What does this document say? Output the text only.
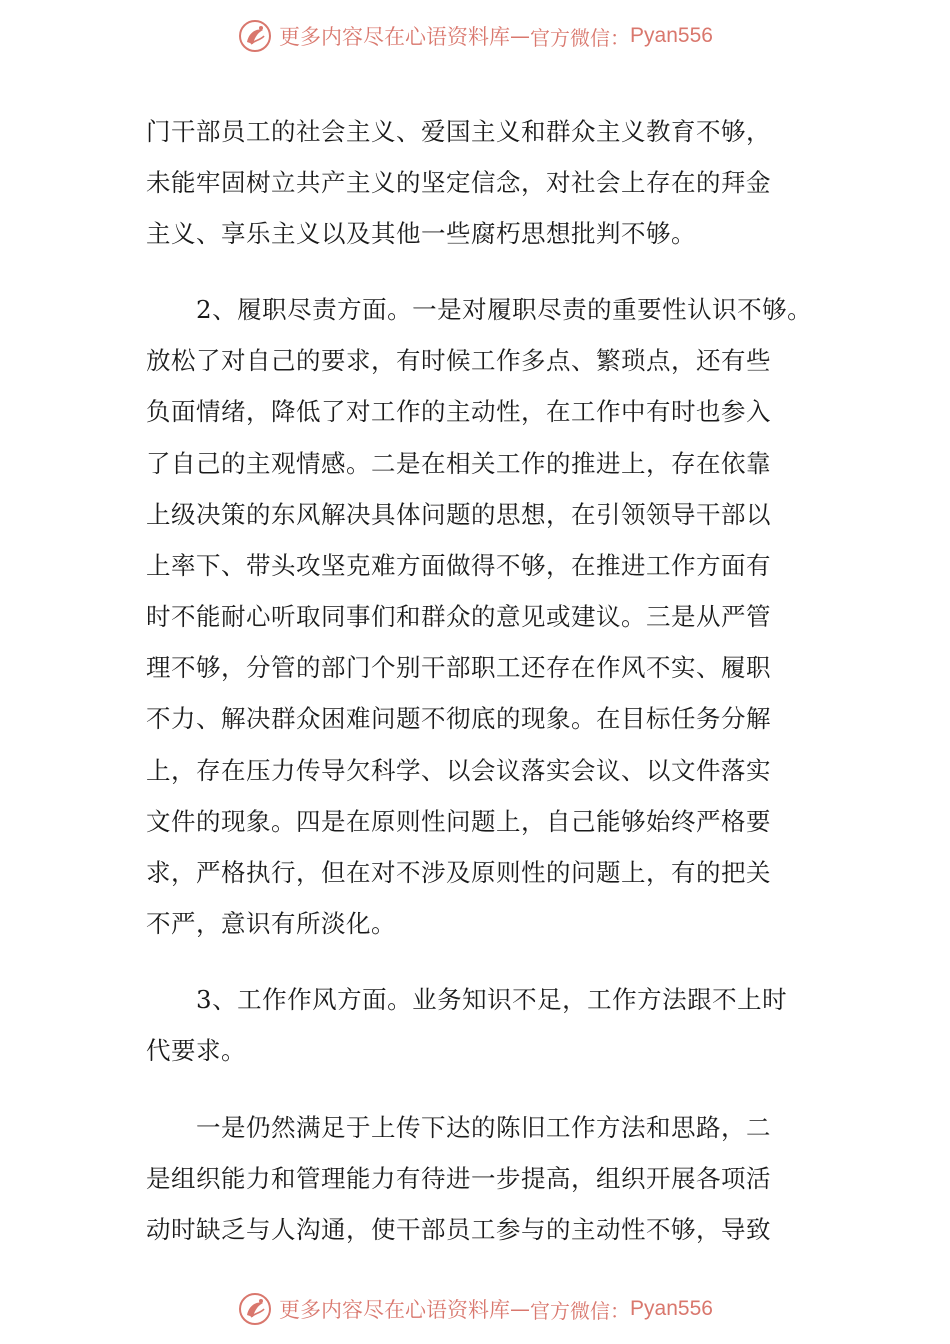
更多内容尽在心语资料库 — 官方微信： Pyan556
门干部员工的社会主义、爱国主义和群众主义教育不够，
未能牢固树立共产主义的坚定信念，对社会上存在的拜金
主义、享乐主义以及其他一些腐朽思想批判不够。
2、履职尽责方面。一是对履职尽责的重要性认识不够。
放松了对自己的要求，有时候工作多点、繁琐点，还有些
负面情绪，降低了对工作的主动性，在工作中有时也参入
了自己的主观情感。二是在相关工作的推进上，存在依靠
上级决策的东风解决具体问题的思想，在引领领导干部以
上率下、带头攻坚克难方面做得不够，在推进工作方面有
时不能耐心听取同事们和群众的意见或建议。三是从严管
理不够，分管的部门个别干部职工还存在作风不实、履职
不力、解决群众困难问题不彻底的现象。在目标任务分解
上，存在压力传导欠科学、以会议落实会议、以文件落实
文件的现象。四是在原则性问题上，自己能够始终严格要
求，严格执行，但在对不涉及原则性的问题上，有的把关
不严，意识有所淡化。
3、工作作风方面。业务知识不足，工作方法跟不上时
代要求。
一是仍然满足于上传下达的陈旧工作方法和思路，二
是组织能力和管理能力有待进一步提高，组织开展各项活
动时缺乏与人沟通，使干部员工参与的主动性不够，导致
更多内容尽在心语资料库 — 官方微信： Pyan556
